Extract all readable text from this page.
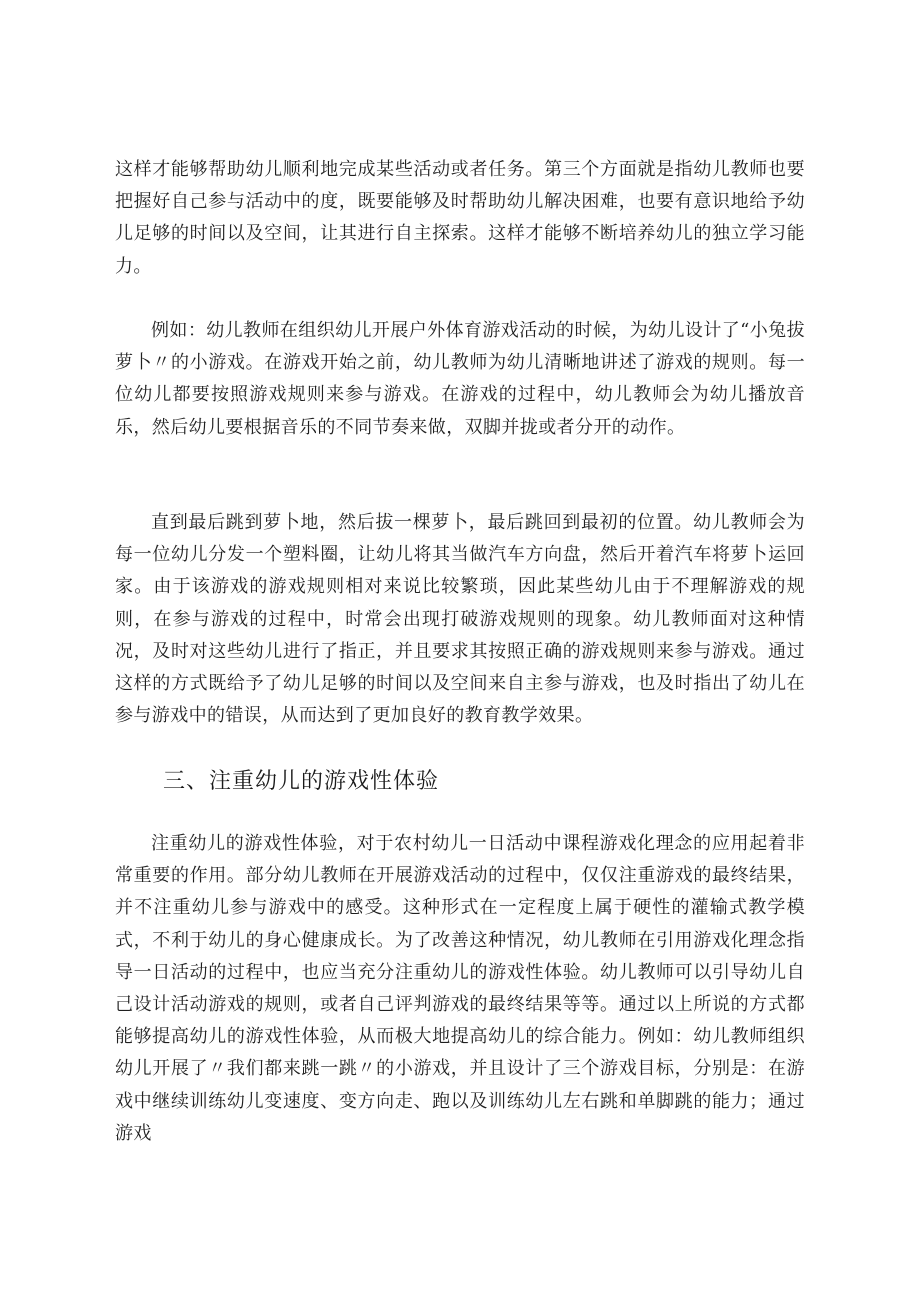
这样才能够帮助幼儿顺利地完成某些活动或者任务。第三个方面就是指幼儿教师也要把握好自己参与活动中的度，既要能够及时帮助幼儿解决困难，也要有意识地给予幼儿足够的时间以及空间，让其进行自主探索。这样才能够不断培养幼儿的独立学习能力。

例如：幼儿教师在组织幼儿开展户外体育游戏活动的时候，为幼儿设计了“小兔拔萝卜〃的小游戏。在游戏开始之前，幼儿教师为幼儿清晰地讲述了游戏的规则。每一位幼儿都要按照游戏规则来参与游戏。在游戏的过程中，幼儿教师会为幼儿播放音乐，然后幼儿要根据音乐的不同节奏来做，双脚并拢或者分开的动作。

直到最后跳到萝卜地，然后拔一棵萝卜，最后跳回到最初的位置。幼儿教师会为每一位幼儿分发一个塑料圈，让幼儿将其当做汽车方向盘，然后开着汽车将萝卜运回家。由于该游戏的游戏规则相对来说比较繁琐，因此某些幼儿由于不理解游戏的规则，在参与游戏的过程中，时常会出现打破游戏规则的现象。幼儿教师面对这种情况，及时对这些幼儿进行了指正，并且要求其按照正确的游戏规则来参与游戏。通过这样的方式既给予了幼儿足够的时间以及空间来自主参与游戏，也及时指出了幼儿在参与游戏中的错误，从而达到了更加良好的教育教学效果。

三、注重幼儿的游戏性体验

注重幼儿的游戏性体验，对于农村幼儿一日活动中课程游戏化理念的应用起着非常重要的作用。部分幼儿教师在开展游戏活动的过程中，仅仅注重游戏的最终结果，并不注重幼儿参与游戏中的感受。这种形式在一定程度上属于硬性的灌输式教学模式，不利于幼儿的身心健康成长。为了改善这种情况，幼儿教师在引用游戏化理念指导一日活动的过程中，也应当充分注重幼儿的游戏性体验。幼儿教师可以引导幼儿自己设计活动游戏的规则，或者自己评判游戏的最终结果等等。通过以上所说的方式都能够提高幼儿的游戏性体验，从而极大地提高幼儿的综合能力。例如：幼儿教师组织幼儿开展了〃我们都来跳一跳〃的小游戏，并且设计了三个游戏目标，分别是：在游戏中继续训练幼儿变速度、变方向走、跑以及训练幼儿左右跳和单脚跳的能力；通过游戏
